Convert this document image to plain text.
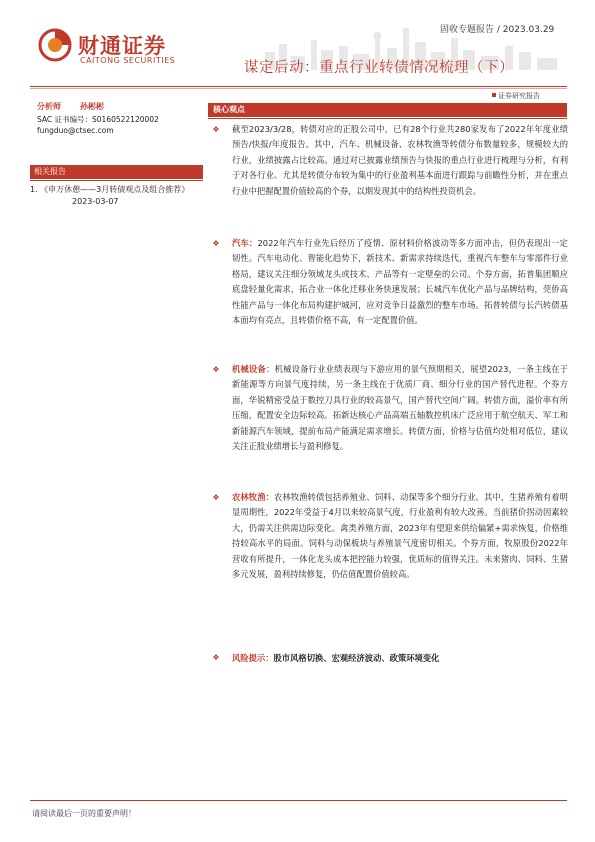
财通证券
CAITONG SECURITIES
固收专题报告 / 2023.03.29
谋定后动：重点行业转债情况梳理（下）
证券研究报告
分析师 孙彬彬
SAC 证书编号：S0160522120002
fungduo@ctsec.com
相关报告
1. 《申万休憩——3月转债观点及组合推荐》
2023-03-07
核心观点
❖ 截至2023/3/28，转债对应的正股公司中，已有28个行业共280家发布了2022年年度业绩预告/快报/年度报告。其中，汽车、机械设备、农林牧渔等转债分布数量较多，规模较大的行业，业绩披露占比较高。通过对已披露业绩预告与快报的重点行业进行梳理与分析，有利于对各行业、尤其是转债分布较为集中的行业盈利基本面进行跟踪与前瞻性分析，并在重点行业中把握配置价值较高的个券，以期发现其中的结构性投资机会。
❖ 汽车：2022年汽车行业先后经历了疫情、原材料价格波动等多方面冲击，但仍表现出一定韧性。汽车电动化、智能化趋势下，新技术、新需求持续迭代，重视汽车整车与零部件行业格局，建议关注细分领域龙头或技术、产品等有一定壁垒的公司。个券方面，拓普集团顺应底盘轻量化需求，拓合业一体化迁移业务快速发展；长城汽车优化产品与品牌结构，莞侨高性能产品与一体化布局构建护城河，应对竞争日益激烈的整车市场。拓普转债与长汽转债基本面均有亮点，且转债价格不高，有一定配置价值。
❖ 机械设备：机械设备行业业绩表现与下游应用的景气预期相关，展望2023，一条主线在于新能源等方向景气度持续，另一条主线在于优质厂商、细分行业的国产替代进程。个券方面，华锐精密受益于数控刀具行业的较高景气，国产替代空间广阔。转债方面，溢价率有所压缩，配置安全边际较高。拓新达核心产品高端五轴数控机床广泛应用于航空航天、军工和新能源汽车领域，提前布局产能满足需求增长。转债方面，价格与估值均处相对低位，建议关注正股业绩增长与盈利修复。
❖ 农林牧渔：农林牧渔转债包括养殖业、饲料、动保等多个细分行业。其中，生猪养殖有着明显周期性，2022年受益于4月以来较高景气度，行业盈利有较大改善。当前猪价拐动因素较大，仍需关注供需边际变化。禽类养殖方面，2023年有望迎来供给偏紧+需求恢复，价格维持较高水平的局面。饲料与动保板块与养殖景气度密切相关。个券方面，牧原股份2022年营收有所提升，一体化龙头成本把控能力较强，优质标的值得关注。未来猪肉、饲料、生猪多元发展，盈利持续修复，仍估值配置价值较高。
❖ 风险提示：股市风格切换、宏观经济波动、政策环境变化
请阅读最后一页的重要声明！
